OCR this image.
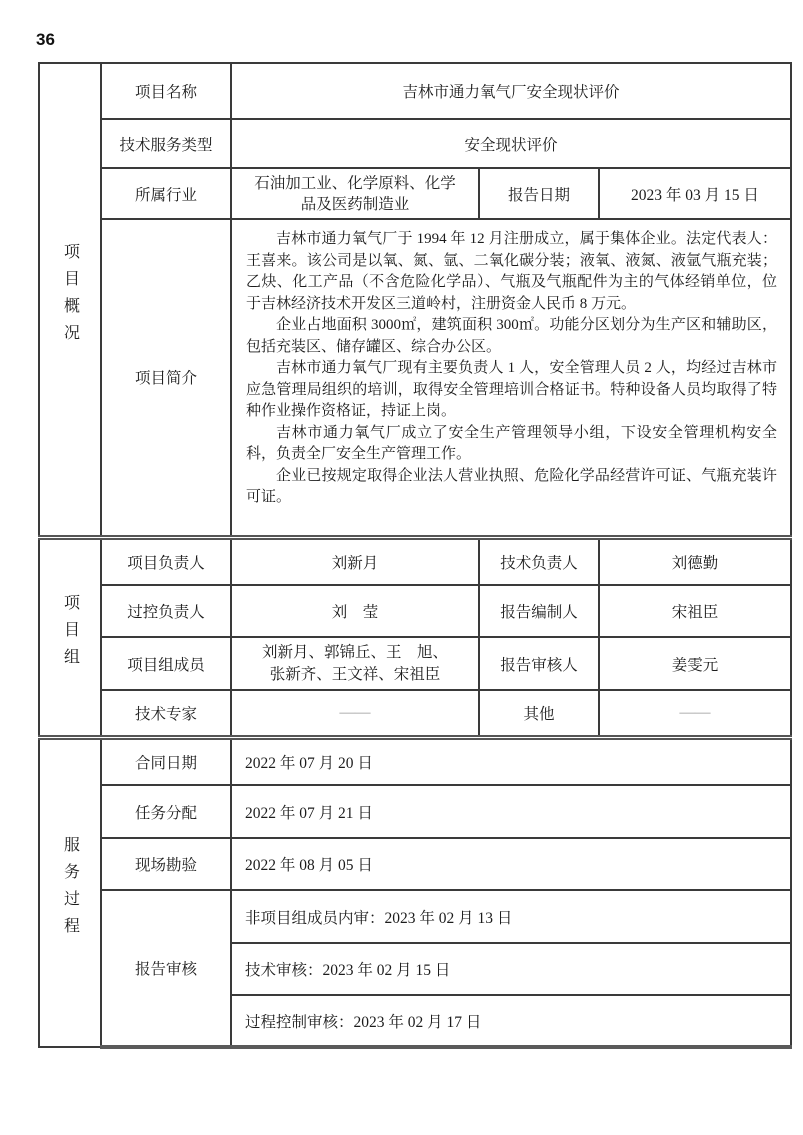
36
项目概况	项目名称	吉林市通力氧气厂安全现状评价		
	技术服务类型	安全现状评价		
	所属行业	石油加工业、化学原料、化学品及医药制造业	报告日期	2023 年 03 月 15 日
	项目简介	吉林市通力氧气厂于 1994 年 12 月注册成立，属于集体企业。法定代表人：王喜来。该公司是以氧、氮、氩、二氧化碳分装；液氧、液氮、液氩气瓶充装；乙炔、化工产品（不含危险化学品）、气瓶及气瓶配件为主的气体经销单位，位于吉林经济技术开发区三道岭村，注册资金人民币 8 万元。

企业占地面积 3000㎡，建筑面积 300㎡。功能分区划分为生产区和辅助区，包括充装区、储存罐区、综合办公区。

吉林市通力氧气厂现有主要负责人 1 人，安全管理人员 2 人，均经过吉林市应急管理局组织的培训，取得安全管理培训合格证书。特种设备人员均取得了特种作业操作资格证，持证上岗。

吉林市通力氧气厂成立了安全生产管理领导小组，下设安全管理机构安全科，负责全厂安全生产管理工作。

企业已按规定取得企业法人营业执照、危险化学品经营许可证、气瓶充装许可证。		

项目组	项目负责人	刘新月	技术负责人	刘德勤
	过控负责人	刘　莹	报告编制人	宋祖臣
	项目组成员	刘新月、郭锦丘、王　旭、张新齐、王文祥、宋祖臣	报告审核人	姜雯元
	技术专家	——	其他	——
服务过程	合同日期	2022 年 07 月 20 日		
	任务分配	2022 年 07 月 21 日		
	现场勘验	2022 年 08 月 05 日		
	报告审核	非项目组成员内审：2023 年 02 月 13 日		
		技术审核：2023 年 02 月 15 日		
		过程控制审核：2023 年 02 月 17 日		
